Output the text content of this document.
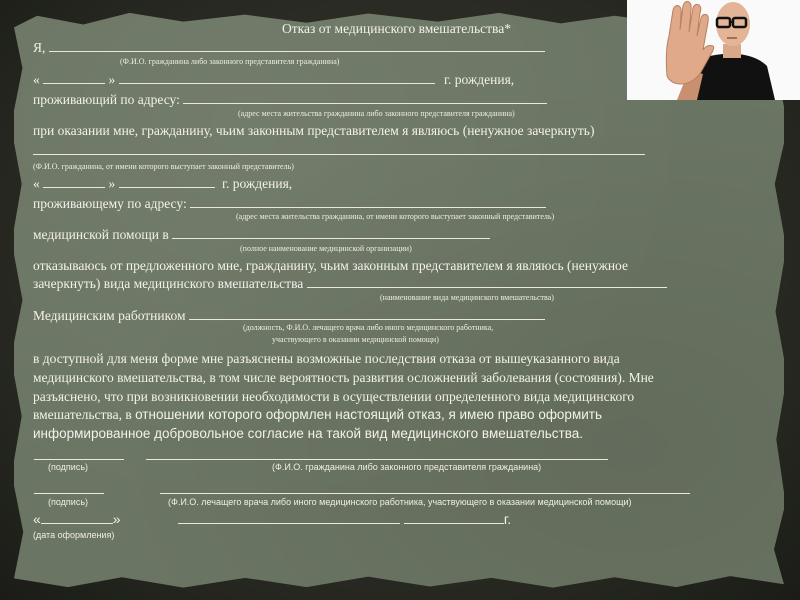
Отказ от медицинского вмешательства*
Я,
(Ф.И.О. гражданина либо законного представителя гражданина)
«	»	г. рождения,
проживающий по адресу:
(адрес места жительства гражданина либо законного представителя гражданина)
при оказании мне, гражданину, чьим законным представителем я являюсь (ненужное зачеркнуть)
(Ф.И.О. гражданина, от имени которого выступает законный представитель)
«	»	г. рождения,
проживающему по адресу:
(адрес места жительства гражданина, от имени которого выступает законный представитель)
медицинской помощи в
(полное наименование медицинской организации)
отказываюсь от предложенного мне, гражданину, чьим законным представителем я являюсь (ненужное
зачеркнуть) вида медицинского вмешательства
(наименование вида медицинского вмешательства)
Медицинским работником
(должность, Ф.И.О. лечащего врача либо иного медицинского работника,
участвующего в оказании медицинской помощи)
в доступной для меня форме мне разъяснены возможные последствия отказа от вышеуказанного вида
медицинского вмешательства, в том числе вероятность развития осложнений заболевания (состояния). Мне
разъяснено, что при возникновении необходимости в осуществлении определенного вида медицинского
вмешательства, в отношении которого оформлен настоящий отказ, я имею право оформить
информированное добровольное согласие на такой вид медицинского вмешательства.
(подпись)	(Ф.И.О. гражданина либо законного представителя гражданина)
(подпись)	(Ф.И.О. лечащего врача либо иного медицинского работника, участвующего в оказании медицинской помощи)
«	»	г.
(дата оформления)
